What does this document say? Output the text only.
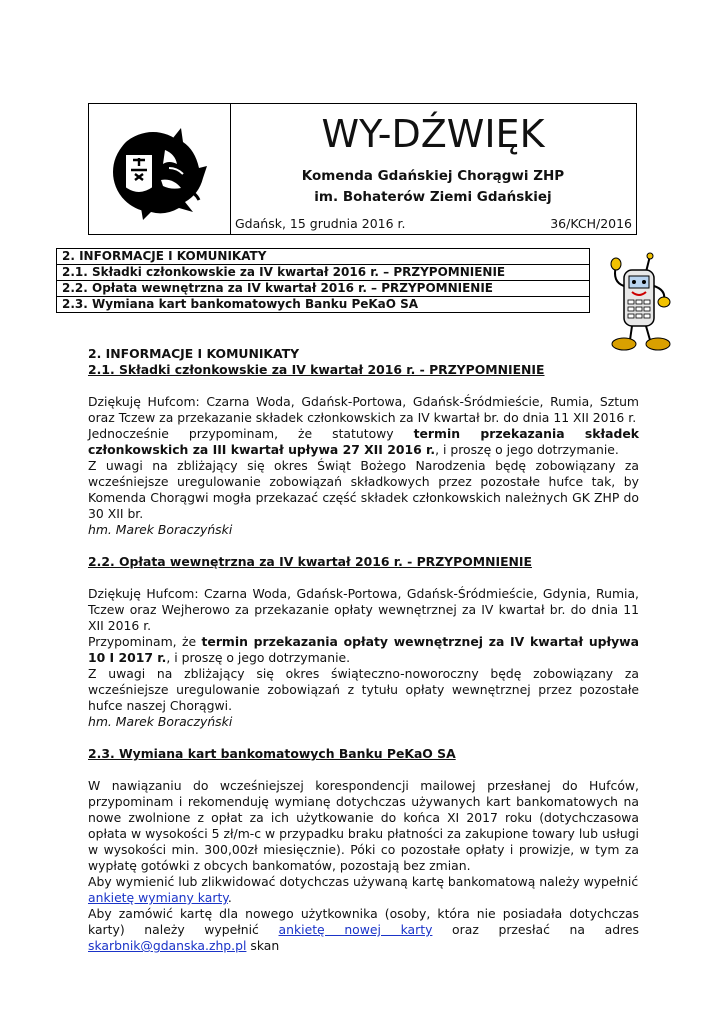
WY-DŹWIĘK
Komenda Gdańskiej Chorągwi ZHP
im. Bohaterów Ziemi Gdańskiej
Gdańsk, 15 grudnia 2016 r.	36/KCH/2016
2. INFORMACJE I KOMUNIKATY
2.1. Składki członkowskie za IV kwartał 2016 r. – PRZYPOMNIENIE
2.2. Opłata wewnętrzna za IV kwartał 2016 r. – PRZYPOMNIENIE
2.3. Wymiana kart bankomatowych Banku PeKaO SA
2. INFORMACJE I KOMUNIKATY
2.1. Składki członkowskie za IV kwartał 2016 r. - PRZYPOMNIENIE

Dziękuję Hufcom: Czarna Woda, Gdańsk-Portowa, Gdańsk-Śródmieście, Rumia, Sztum oraz Tczew za przekazanie składek członkowskich za IV kwartał br. do dnia 11 XII 2016 r.

Jednocześnie przypominam, że statutowy termin przekazania składek członkowskich za III kwartał upływa 27 XII 2016 r., i proszę o jego dotrzymanie.

Z uwagi na zbliżający się okres Świąt Bożego Narodzenia będę zobowiązany za wcześniejsze uregulowanie zobowiązań składkowych przez pozostałe hufce tak, by Komenda Chorągwi mogła przekazać część składek członkowskich należnych GK ZHP do 30 XII br.

hm. Marek Boraczyński

2.2. Opłata wewnętrzna za IV kwartał 2016 r. - PRZYPOMNIENIE

Dziękuję Hufcom: Czarna Woda, Gdańsk-Portowa, Gdańsk-Śródmieście, Gdynia, Rumia, Tczew oraz Wejherowo za przekazanie opłaty wewnętrznej za IV kwartał br. do dnia 11 XII 2016 r.

Przypominam, że termin przekazania opłaty wewnętrznej za IV kwartał upływa 10 I 2017 r., i proszę o jego dotrzymanie.

Z uwagi na zbliżający się okres świąteczno-noworoczny będę zobowiązany za wcześniejsze uregulowanie zobowiązań z tytułu opłaty wewnętrznej przez pozostałe hufce naszej Chorągwi.

hm. Marek Boraczyński

2.3. Wymiana kart bankomatowych Banku PeKaO SA

W nawiązaniu do wcześniejszej korespondencji mailowej przesłanej do Hufców, przypominam i rekomenduję wymianę dotychczas używanych kart bankomatowych na nowe zwolnione z opłat za ich użytkowanie do końca XI 2017 roku (dotychczasowa opłata w wysokości 5 zł/m-c w przypadku braku płatności za zakupione towary lub usługi w wysokości min. 300,00zł miesięcznie). Póki co pozostałe opłaty i prowizje, w tym za wypłatę gotówki z obcych bankomatów, pozostają bez zmian.

Aby wymienić lub zlikwidować dotychczas używaną kartę bankomatową należy wypełnić
ankietę wymiany karty.

Aby zamówić kartę dla nowego użytkownika (osoby, która nie posiadała dotychczas karty) należy wypełnić ankietę nowej karty oraz przesłać na adres skarbnik@gdanska.zhp.pl skan
